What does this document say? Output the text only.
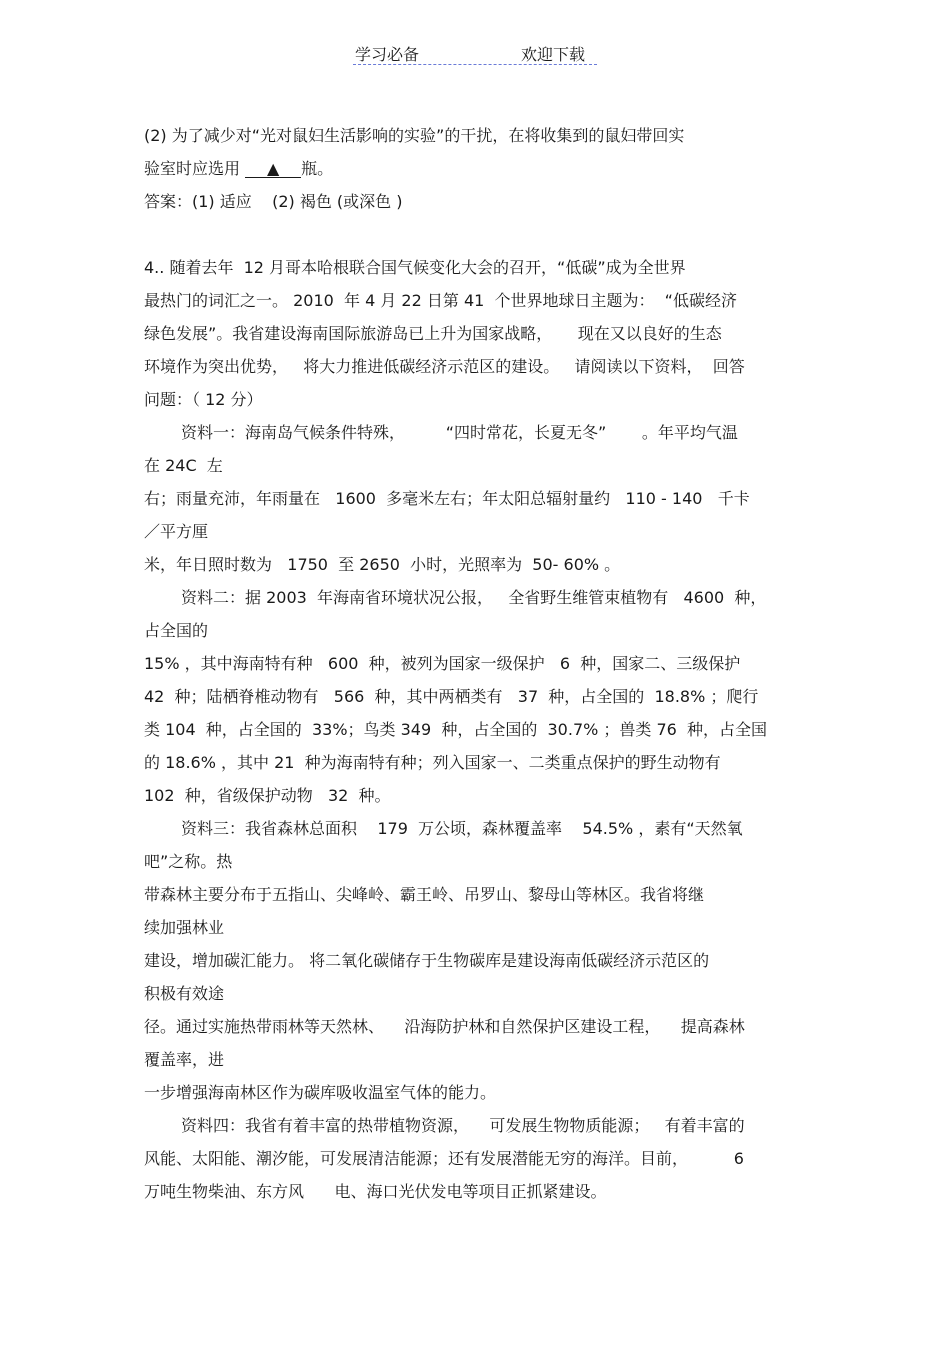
学习必备	欢迎下载
(2) 为了减少对“光对鼠妇生活影响的实验”的干扰，在将收集到的鼠妇带回实
验室时应选用 ▲ 瓶。
答案：(1) 适应    (2) 褐色 (或深色 )
4.. 随着去年  12 月哥本哈根联合国气候变化大会的召开，“低碳”成为全世界
最热门的词汇之一。 2010  年 4 月 22 日第 41  个世界地球日主题为：  “低碳经济
绿色发展”。我省建设海南国际旅游岛已上升为国家战略，     现在又以良好的生态
环境作为突出优势，   将大力推进低碳经济示范区的建设。   请阅读以下资料，  回答
问题：（ 12 分）
资料一：海南岛气候条件特殊，        “四时常花，长夏无冬”       。年平均气温
在 24C  左
右；雨量充沛，年雨量在   1600  多毫米左右；年太阳总辐射量约   110 - 140   千卡
／平方厘
米，年日照时数为   1750  至 2650  小时，光照率为  50- 60% 。
资料二：据 2003  年海南省环境状况公报，   全省野生维管束植物有   4600  种，
占全国的
15% ，其中海南特有种   600  种，被列为国家一级保护   6  种，国家二、三级保护
42  种；陆栖脊椎动物有   566  种，其中两栖类有   37  种，占全国的  18.8% ；爬行
类 104  种，占全国的  33%；鸟类 349  种，占全国的  30.7% ；兽类 76  种，占全国
的 18.6% ，其中 21  种为海南特有种；列入国家一、二类重点保护的野生动物有
102  种，省级保护动物   32  种。
资料三：我省森林总面积    179  万公顷，森林覆盖率    54.5% ，素有“天然氧
吧”之称。热
带森林主要分布于五指山、尖峰岭、霸王岭、吊罗山、黎母山等林区。我省将继
续加强林业
建设，增加碳汇能力。 将二氧化碳储存于生物碳库是建设海南低碳经济示范区的
积极有效途
径。通过实施热带雨林等天然林、    沿海防护林和自然保护区建设工程，    提高森林
覆盖率，进
一步增强海南林区作为碳库吸收温室气体的能力。
资料四：我省有着丰富的热带植物资源，    可发展生物物质能源；   有着丰富的
风能、太阳能、潮汐能，可发展清洁能源；还有发展潜能无穷的海洋。目前，         6
万吨生物柴油、东方风      电、海口光伏发电等项目正抓紧建设。
